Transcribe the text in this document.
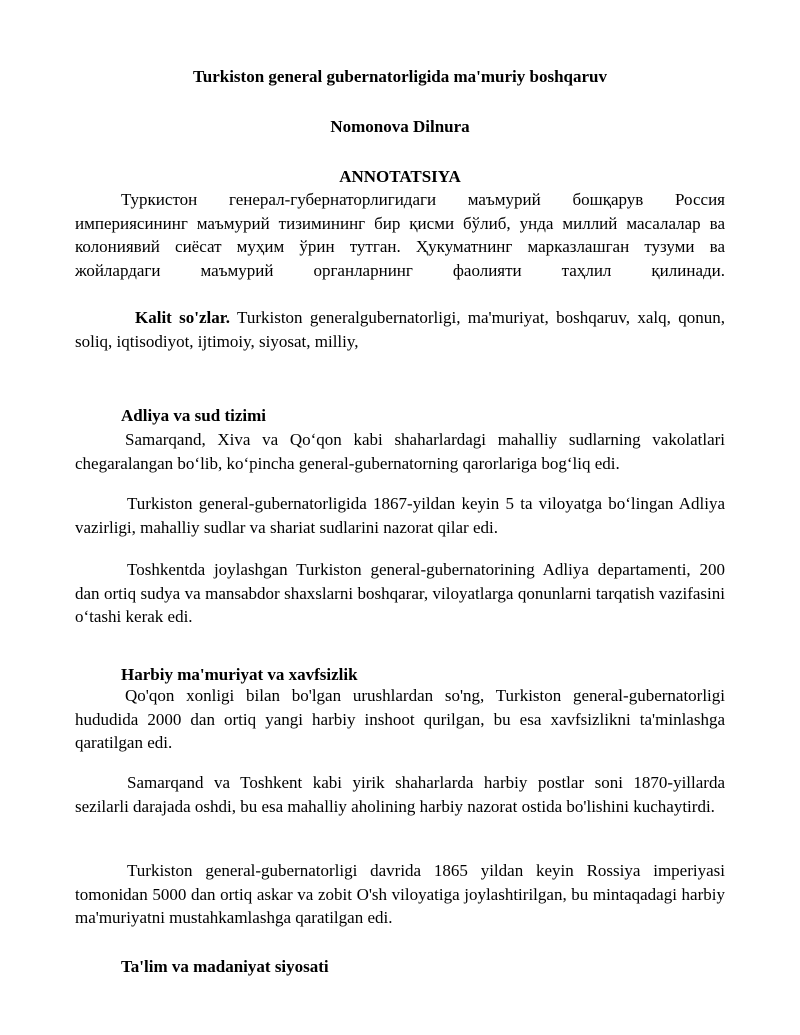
Turkiston general gubernatorligida ma'muriy boshqaruv

Nomonova Dilnura

ANNOTATSIYA

Туркистон генерал-губернаторлигидаги маъмурий бошқарув Россия империясининг маъмурий тизимининг бир қисми бўлиб, унда миллий масалалар ва колониявий сиёсат муҳим ўрин тутган. Ҳукуматнинг марказлашган тузуми ва жойлардаги маъмурий органларнинг фаолияти таҳлил қилинади.

Kalit so'zlar. Turkiston generalgubernatorligi, ma'muriyat, boshqaruv, xalq, qonun, soliq, iqtisodiyot, ijtimoiy, siyosat, milliy,

Adliya va sud tizimi

Samarqand, Xiva va Qo‘qon kabi shaharlardagi mahalliy sudlarning vakolatlari chegaralangan bo‘lib, ko‘pincha general-gubernatorning qarorlariga bog‘liq edi.

Turkiston general-gubernatorligida 1867-yildan keyin 5 ta viloyatga bo‘lingan Adliya vazirligi, mahalliy sudlar va shariat sudlarini nazorat qilar edi.

Toshkentda joylashgan Turkiston general-gubernatorining Adliya departamenti, 200 dan ortiq sudya va mansabdor shaxslarni boshqarar, viloyatlarga qonunlarni tarqatish vazifasini o‘tashi kerak edi.

Harbiy ma'muriyat va xavfsizlik

Qo'qon xonligi bilan bo'lgan urushlardan so'ng, Turkiston general-gubernatorligi hududida 2000 dan ortiq yangi harbiy inshoot qurilgan, bu esa xavfsizlikni ta'minlashga qaratilgan edi.

Samarqand va Toshkent kabi yirik shaharlarda harbiy postlar soni 1870-yillarda sezilarli darajada oshdi, bu esa mahalliy aholining harbiy nazorat ostida bo'lishini kuchaytirdi.

Turkiston general-gubernatorligi davrida 1865 yildan keyin Rossiya imperiyasi tomonidan 5000 dan ortiq askar va zobit O'sh viloyatiga joylashtirilgan, bu mintaqadagi harbiy ma'muriyatni mustahkamlashga qaratilgan edi.

Ta'lim va madaniyat siyosati
